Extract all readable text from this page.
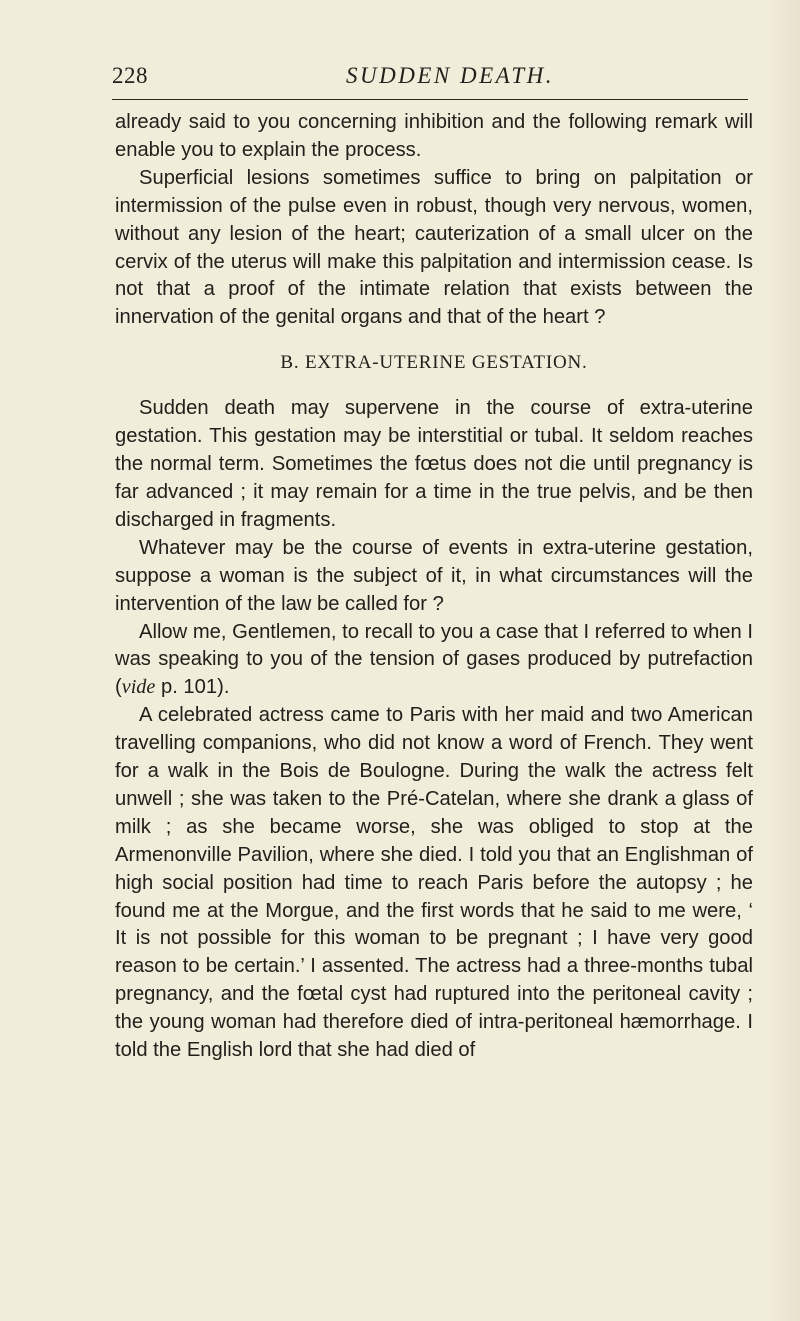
228	SUDDEN DEATH.

already said to you concerning inhibition and the following remark will enable you to explain the process.

Superficial lesions sometimes suffice to bring on palpitation or intermission of the pulse even in robust, though very nervous, women, without any lesion of the heart; cauterization of a small ulcer on the cervix of the uterus will make this palpitation and intermission cease. Is not that a proof of the intimate relation that exists between the innervation of the genital organs and that of the heart ?

B. EXTRA-UTERINE GESTATION.

Sudden death may supervene in the course of extra-uterine gestation. This gestation may be interstitial or tubal. It seldom reaches the normal term. Sometimes the fœtus does not die until pregnancy is far advanced ; it may remain for a time in the true pelvis, and be then discharged in fragments.

Whatever may be the course of events in extra-uterine gestation, suppose a woman is the subject of it, in what circumstances will the intervention of the law be called for ?

Allow me, Gentlemen, to recall to you a case that I referred to when I was speaking to you of the tension of gases produced by putrefaction (vide p. 101).

A celebrated actress came to Paris with her maid and two American travelling companions, who did not know a word of French. They went for a walk in the Bois de Boulogne. During the walk the actress felt unwell ; she was taken to the Pré-Catelan, where she drank a glass of milk ; as she became worse, she was obliged to stop at the Armenonville Pavilion, where she died. I told you that an Englishman of high social position had time to reach Paris before the autopsy ; he found me at the Morgue, and the first words that he said to me were, ‘ It is not possible for this woman to be pregnant ; I have very good reason to be certain.’ I assented. The actress had a three-months tubal pregnancy, and the fœtal cyst had ruptured into the peritoneal cavity ; the young woman had therefore died of intra-peritoneal hæmorrhage. I told the English lord that she had died of
